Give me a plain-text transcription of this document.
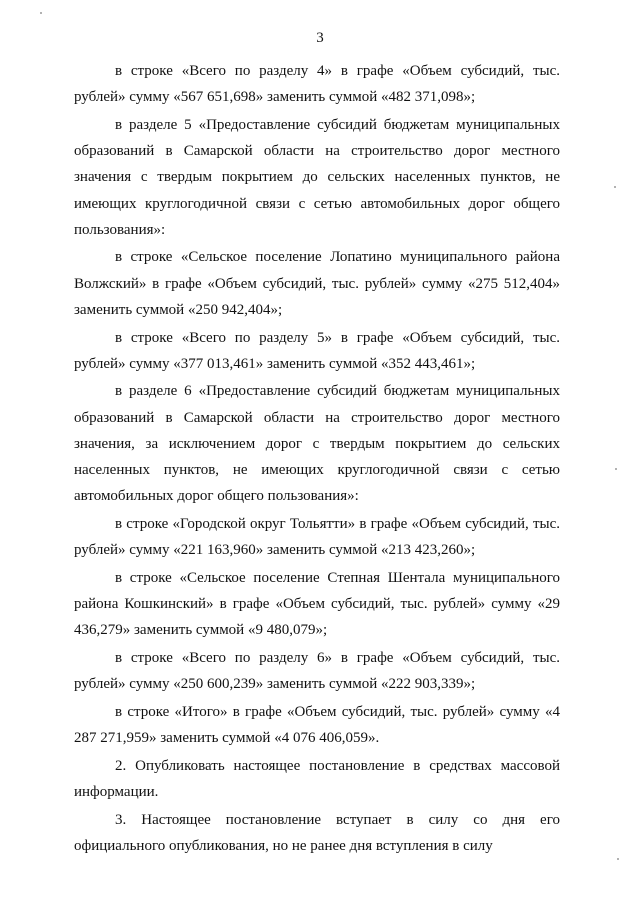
3

в строке «Всего по разделу 4» в графе «Объем субсидий, тыс. рублей» сумму «567 651,698» заменить суммой «482 371,098»;

в разделе 5 «Предоставление субсидий бюджетам муниципальных образований в Самарской области на строительство дорог местного значения с твердым покрытием до сельских населенных пунктов, не имеющих круглогодичной связи с сетью автомобильных дорог общего пользования»:

в строке «Сельское поселение Лопатино муниципального района Волжский» в графе «Объем субсидий, тыс. рублей» сумму «275 512,404» заменить суммой «250 942,404»;

в строке «Всего по разделу 5» в графе «Объем субсидий, тыс. рублей» сумму «377 013,461» заменить суммой «352 443,461»;

в разделе 6 «Предоставление субсидий бюджетам муниципальных образований в Самарской области на строительство дорог местного значения, за исключением дорог с твердым покрытием до сельских населенных пунктов, не имеющих круглогодичной связи с сетью автомобильных дорог общего пользования»:

в строке «Городской округ Тольятти» в графе «Объем субсидий, тыс. рублей» сумму «221 163,960» заменить суммой «213 423,260»;

в строке «Сельское поселение Степная Шентала муниципального района Кошкинский» в графе «Объем субсидий, тыс. рублей» сумму «29 436,279» заменить суммой «9 480,079»;

в строке «Всего по разделу 6» в графе «Объем субсидий, тыс. рублей» сумму «250 600,239» заменить суммой «222 903,339»;

в строке «Итого» в графе «Объем субсидий, тыс. рублей» сумму «4 287 271,959» заменить суммой «4 076 406,059».

2. Опубликовать настоящее постановление в средствах массовой информации.

3. Настоящее постановление вступает в силу со дня его официального опубликования, но не ранее дня вступления в силу
